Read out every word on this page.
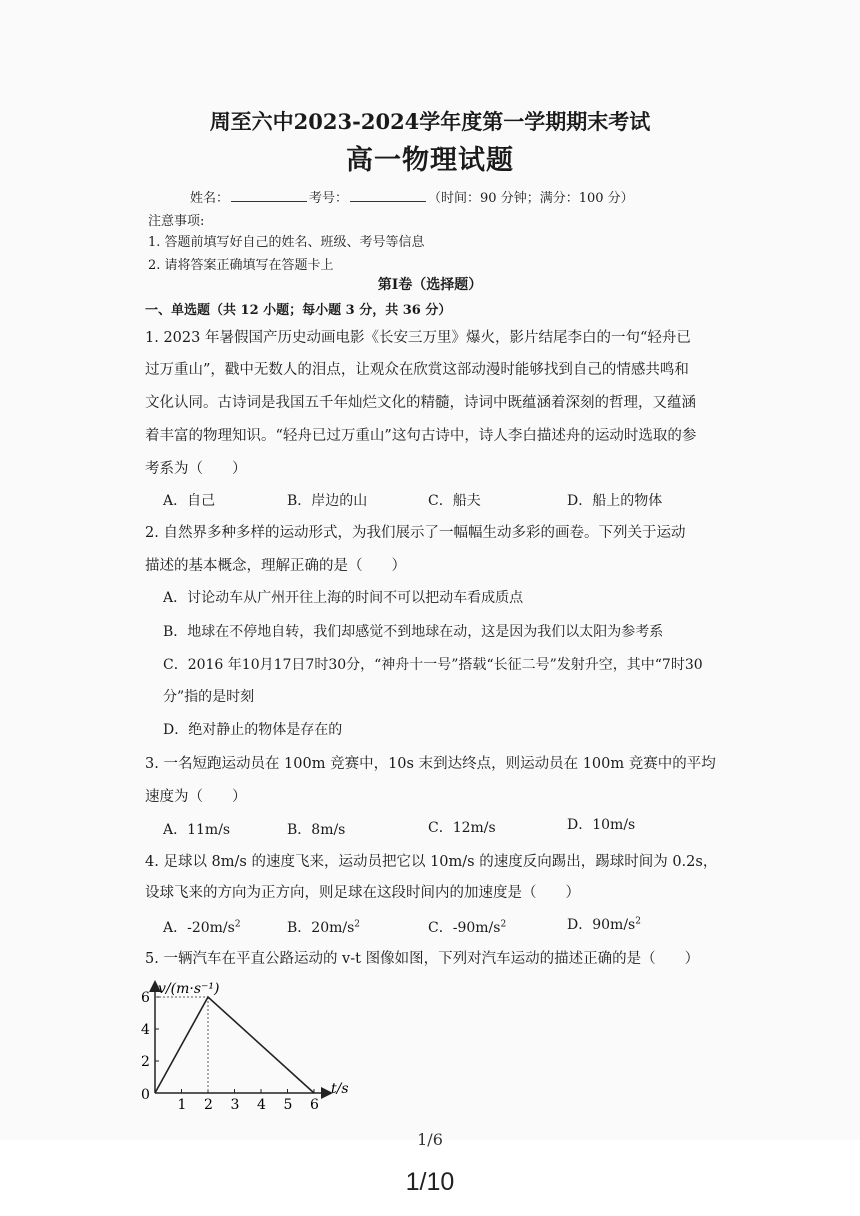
周至六中2023-2024学年度第一学期期末考试
高一物理试题
姓名：	考号：	（时间：90 分钟；满分：100 分）
注意事项:
1. 答题前填写好自己的姓名、班级、考号等信息
2. 请将答案正确填写在答题卡上
第Ⅰ卷（选择题）
一、单选题（共 12 小题；每小题 3 分，共 36 分）
1. 2023 年暑假国产历史动画电影《长安三万里》爆火，影片结尾李白的一句“轻舟已
过万重山”，戳中无数人的泪点，让观众在欣赏这部动漫时能够找到自己的情感共鸣和
文化认同。古诗词是我国五千年灿烂文化的精髓，诗词中既蕴涵着深刻的哲理，又蕴涵
着丰富的物理知识。“轻舟已过万重山”这句古诗中，诗人李白描述舟的运动时选取的参
考系为（　　）
A．自己	B．岸边的山	C．船夫	D．船上的物体
2. 自然界多种多样的运动形式，为我们展示了一幅幅生动多彩的画卷。下列关于运动
描述的基本概念，理解正确的是（　　）
A．讨论动车从广州开往上海的时间不可以把动车看成质点
B．地球在不停地自转，我们却感觉不到地球在动，这是因为我们以太阳为参考系
C．2016 年10月17日7时30分，“神舟十一号”搭载“长征二号”发射升空，其中“7时30
分”指的是时刻
D．绝对静止的物体是存在的
3. 一名短跑运动员在 100m 竞赛中，10s 末到达终点，则运动员在 100m 竞赛中的平均
速度为（　　）
A．11m/s	B．8m/s	C．12m/s	D．10m/s
4. 足球以 8m/s 的速度飞来，运动员把它以 10m/s 的速度反向踢出，踢球时间为 0.2s，
设球飞来的方向为正方向，则足球在这段时间内的加速度是（　　）
A．$-20m/s^2$	B．$20m/s^2$	C．$-90m/s^2$	D．$90m/s^2$
5. 一辆汽车在平直公路运动的 v-t 图像如图，下列对汽车运动的描述正确的是（　　）
1 2 3 4 5 6
2
4
6
v/(m·s⁻¹)
t/s
0
1/6
1/10
